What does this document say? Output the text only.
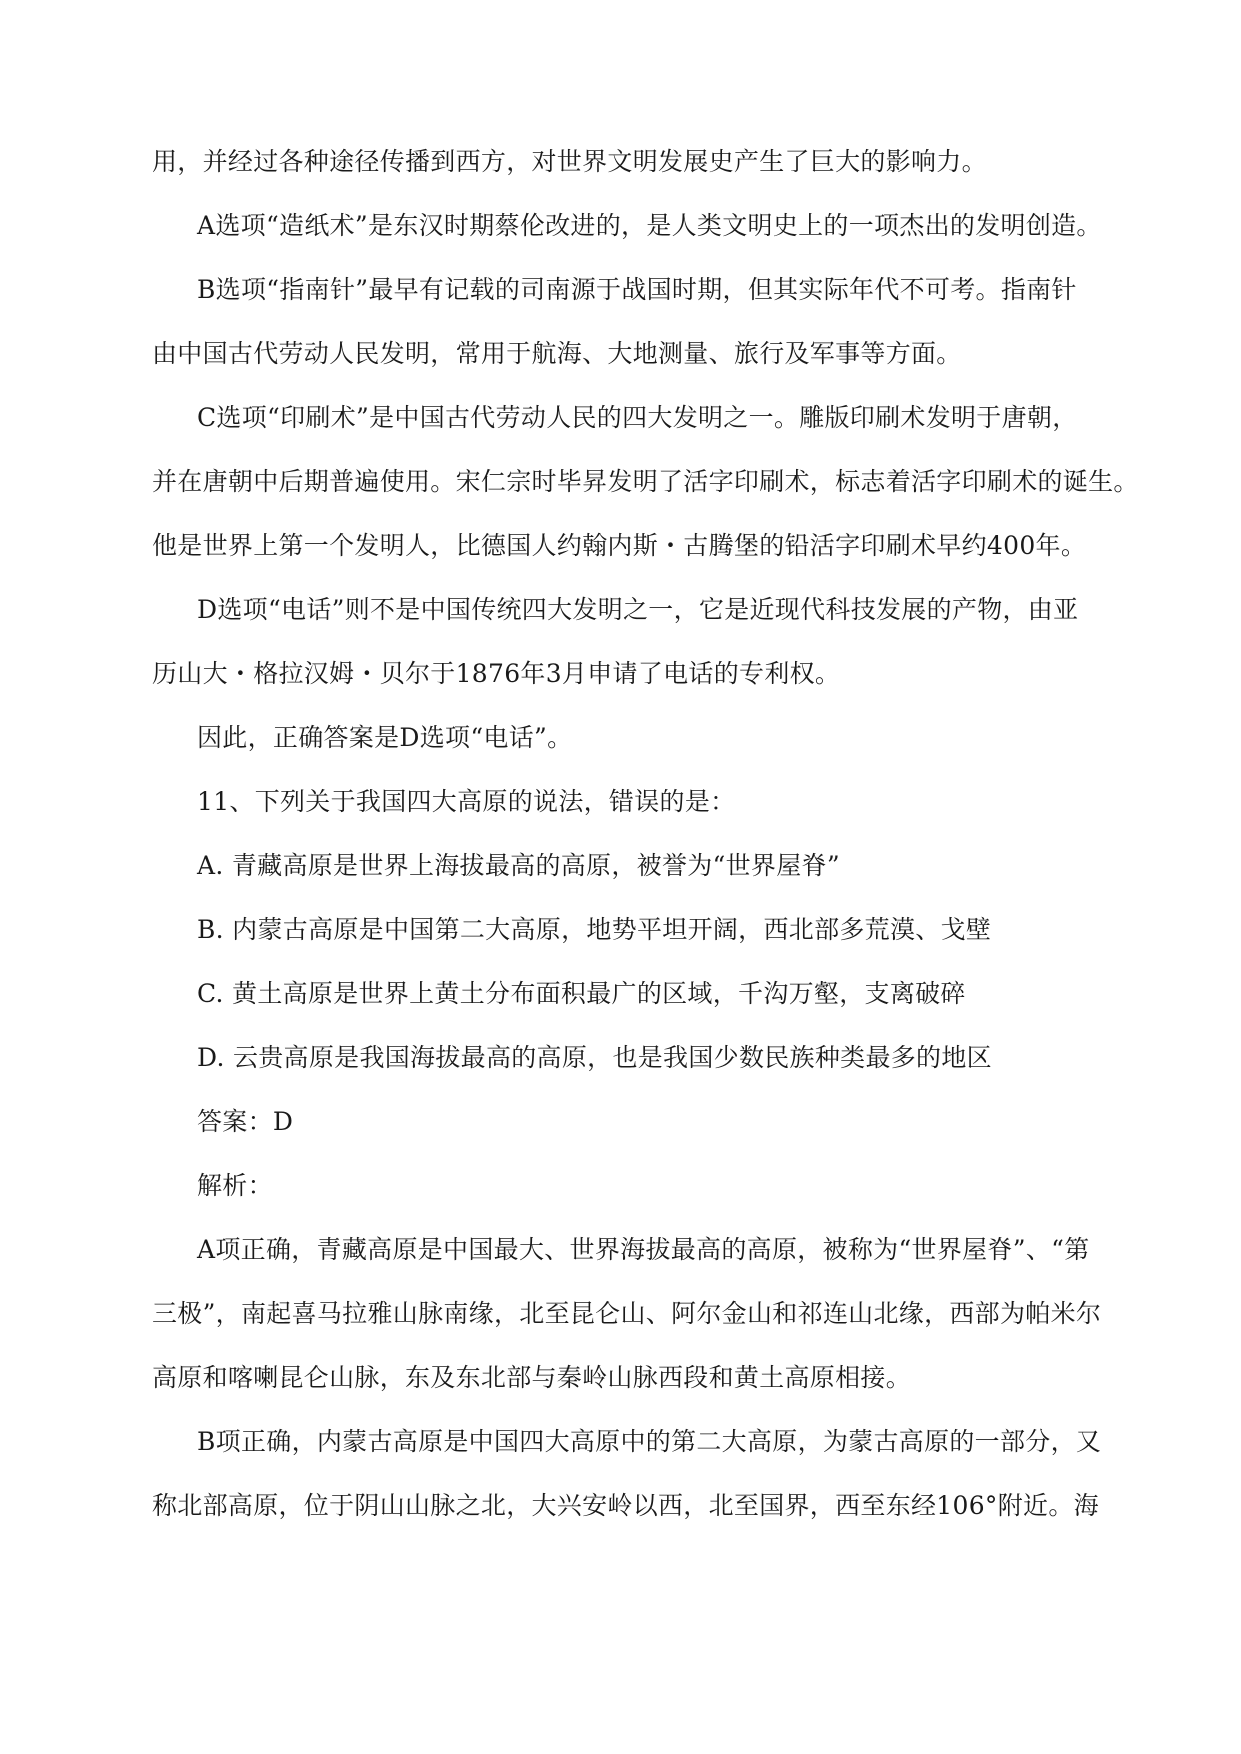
用，并经过各种途径传播到西方，对世界文明发展史产生了巨大的影响力。
A选项“造纸术”是东汉时期蔡伦改进的，是人类文明史上的一项杰出的发明创造。
B选项“指南针”最早有记载的司南源于战国时期，但其实际年代不可考。指南针
由中国古代劳动人民发明，常用于航海、大地测量、旅行及军事等方面。
C选项“印刷术”是中国古代劳动人民的四大发明之一。雕版印刷术发明于唐朝，
并在唐朝中后期普遍使用。宋仁宗时毕昇发明了活字印刷术，标志着活字印刷术的诞生。
他是世界上第一个发明人，比德国人约翰内斯・古腾堡的铅活字印刷术早约400年。
D选项“电话”则不是中国传统四大发明之一，它是近现代科技发展的产物，由亚
历山大・格拉汉姆・贝尔于1876年3月申请了电话的专利权。
因此，正确答案是D选项“电话”。
11、下列关于我国四大高原的说法，错误的是：
A. 青藏高原是世界上海拔最高的高原，被誉为“世界屋脊”
B. 内蒙古高原是中国第二大高原，地势平坦开阔，西北部多荒漠、戈壁
C. 黄土高原是世界上黄土分布面积最广的区域，千沟万壑，支离破碎
D. 云贵高原是我国海拔最高的高原，也是我国少数民族种类最多的地区
答案：D
解析：
A项正确，青藏高原是中国最大、世界海拔最高的高原，被称为“世界屋脊”、“第
三极”，南起喜马拉雅山脉南缘，北至昆仑山、阿尔金山和祁连山北缘，西部为帕米尔
高原和喀喇昆仑山脉，东及东北部与秦岭山脉西段和黄土高原相接。
B项正确，内蒙古高原是中国四大高原中的第二大高原，为蒙古高原的一部分，又
称北部高原，位于阴山山脉之北，大兴安岭以西，北至国界，西至东经106°附近。海
